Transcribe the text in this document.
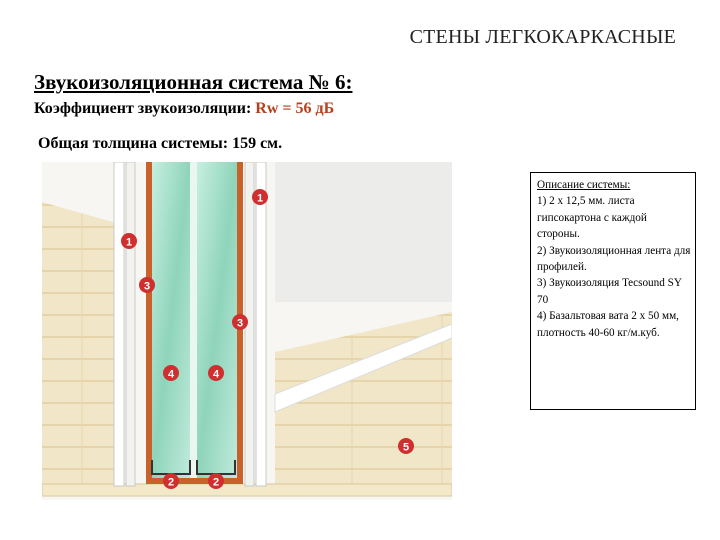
СТЕНЫ ЛЕГКОКАРКАСНЫЕ
Звукоизоляционная система № 6:
Коэффициент звукоизоляции: Rw = 56 дБ
Общая толщина системы: 159 см.
1
1
3
3
4	4
5
2	2
Описание системы:
1) 2 х 12,5 мм. листа гипсокартона с каждой стороны.
2) Звукоизоляционная лента для профилей.
3) Звукоизоляция Tecsound SY 70
4) Базальтовая вата 2 х 50 мм, плотность 40-60 кг/м.куб.
